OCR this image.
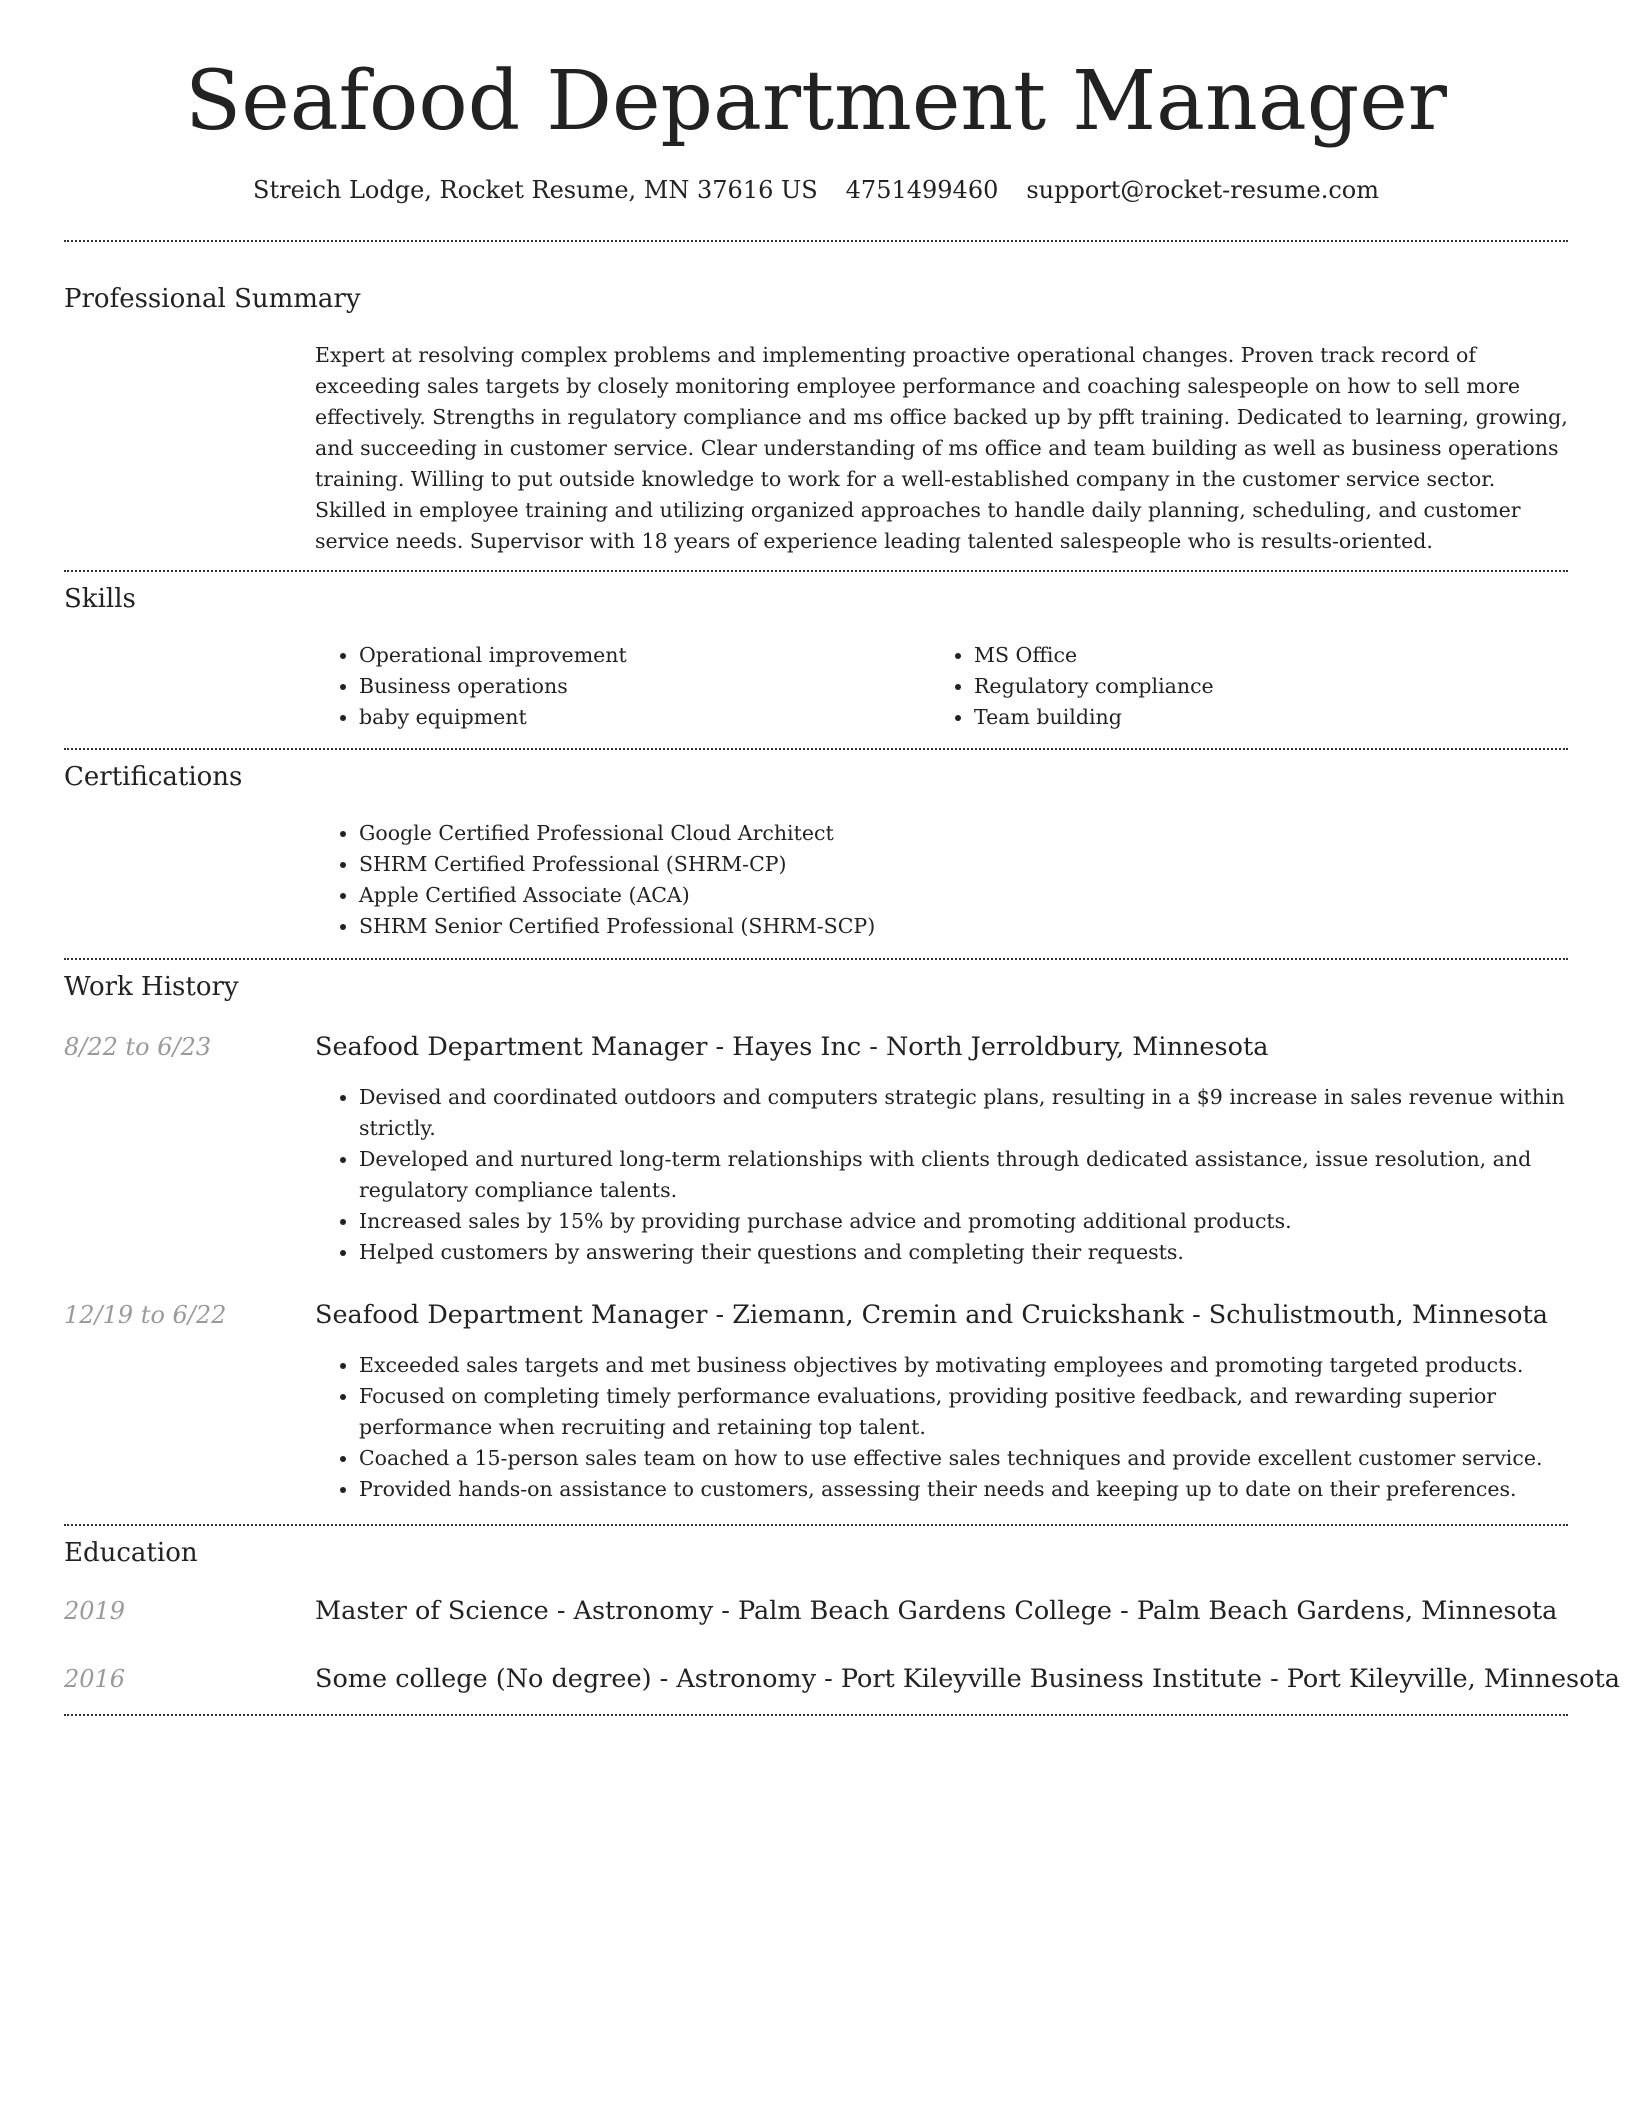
Seafood Department Manager
Streich Lodge, Rocket Resume, MN 37616 US 4751499460 support@rocket-resume.com
Professional Summary

Expert at resolving complex problems and implementing proactive operational changes. Proven track record of exceeding sales targets by closely monitoring employee performance and coaching salespeople on how to sell more effectively. Strengths in regulatory compliance and ms office backed up by pfft training. Dedicated to learning, growing, and succeeding in customer service. Clear understanding of ms office and team building as well as business operations training. Willing to put outside knowledge to work for a well-established company in the customer service sector. Skilled in employee training and utilizing organized approaches to handle daily planning, scheduling, and customer service needs. Supervisor with 18 years of experience leading talented salespeople who is results-oriented.

Skills
• Operational improvement
• Business operations
• baby equipment
• MS Office
• Regulatory compliance
• Team building
Certifications
• Google Certified Professional Cloud Architect
• SHRM Certified Professional (SHRM-CP)
• Apple Certified Associate (ACA)
• SHRM Senior Certified Professional (SHRM-SCP)
Work History
8/22 to 6/23	Seafood Department Manager - Hayes Inc - North Jerroldbury, Minnesota
• Devised and coordinated outdoors and computers strategic plans, resulting in a $9 increase in sales revenue within strictly.
• Developed and nurtured long-term relationships with clients through dedicated assistance, issue resolution, and regulatory compliance talents.
• Increased sales by 15% by providing purchase advice and promoting additional products.
• Helped customers by answering their questions and completing their requests.
12/19 to 6/22	Seafood Department Manager - Ziemann, Cremin and Cruickshank - Schulistmouth, Minnesota
• Exceeded sales targets and met business objectives by motivating employees and promoting targeted products.
• Focused on completing timely performance evaluations, providing positive feedback, and rewarding superior performance when recruiting and retaining top talent.
• Coached a 15-person sales team on how to use effective sales techniques and provide excellent customer service.
• Provided hands-on assistance to customers, assessing their needs and keeping up to date on their preferences.
Education
2019	Master of Science - Astronomy - Palm Beach Gardens College - Palm Beach Gardens, Minnesota
2016	Some college (No degree) - Astronomy - Port Kileyville Business Institute - Port Kileyville, Minnesota
